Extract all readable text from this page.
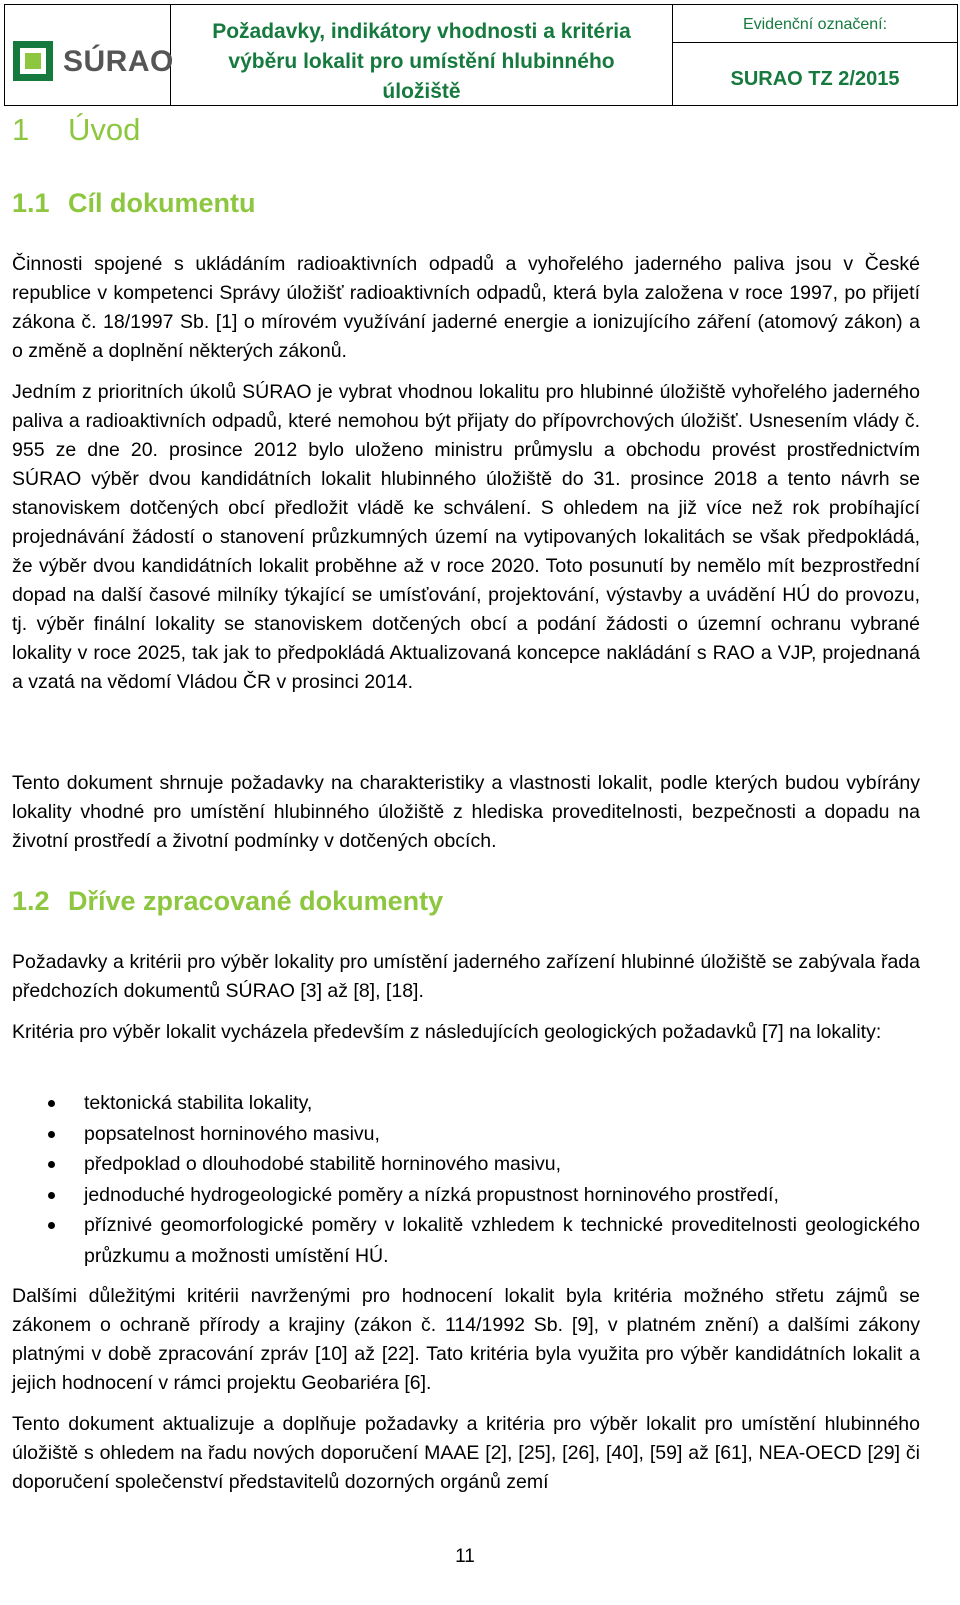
SÚRAO
Požadavky, indikátory vhodnosti a kritéria výběru lokalit pro umístění hlubinného úložiště
Evidenční označení:
SURAO TZ 2/2015
1 Úvod
1.1 Cíl dokumentu

Činnosti spojené s ukládáním radioaktivních odpadů a vyhořelého jaderného paliva jsou v České republice v kompetenci Správy úložišť radioaktivních odpadů, která byla založena v roce 1997, po přijetí zákona č. 18/1997 Sb. [1] o mírovém využívání jaderné energie a ionizujícího záření (atomový zákon) a o změně a doplnění některých zákonů.

Jedním z prioritních úkolů SÚRAO je vybrat vhodnou lokalitu pro hlubinné úložiště vyhořelého jaderného paliva a radioaktivních odpadů, které nemohou být přijaty do přípovrchových úložišť. Usnesením vlády č. 955 ze dne 20. prosince 2012 bylo uloženo ministru průmyslu a obchodu provést prostřednictvím SÚRAO výběr dvou kandidátních lokalit hlubinného úložiště do 31. prosince 2018 a tento návrh se stanoviskem dotčených obcí předložit vládě ke schválení. S ohledem na již více než rok probíhající projednávání žádostí o stanovení průzkumných území na vytipovaných lokalitách se však předpokládá, že výběr dvou kandidátních lokalit proběhne až v roce 2020. Toto posunutí by nemělo mít bezprostřední dopad na další časové milníky týkající se umísťování, projektování, výstavby a uvádění HÚ do provozu, tj. výběr finální lokality se stanoviskem dotčených obcí a podání žádosti o územní ochranu vybrané lokality v roce 2025, tak jak to předpokládá Aktualizovaná koncepce nakládání s RAO a VJP, projednaná a vzatá na vědomí Vládou ČR v prosinci 2014.

Tento dokument shrnuje požadavky na charakteristiky a vlastnosti lokalit, podle kterých budou vybírány lokality vhodné pro umístění hlubinného úložiště z hlediska proveditelnosti, bezpečnosti a dopadu na životní prostředí a životní podmínky v dotčených obcích.

1.2 Dříve zpracované dokumenty

Požadavky a kritérii pro výběr lokality pro umístění jaderného zařízení hlubinné úložiště se zabývala řada předchozích dokumentů SÚRAO [3] až [8], [18].

Kritéria pro výběr lokalit vycházela především z následujících geologických požadavků [7] na lokality:

tektonická stabilita lokality,
popsatelnost horninového masivu,
předpoklad o dlouhodobé stabilitě horninového masivu,
jednoduché hydrogeologické poměry a nízká propustnost horninového prostředí,
příznivé geomorfologické poměry v lokalitě vzhledem k technické proveditelnosti geologického průzkumu a možnosti umístění HÚ.

Dalšími důležitými kritérii navrženými pro hodnocení lokalit byla kritéria možného střetu zájmů se zákonem o ochraně přírody a krajiny (zákon č. 114/1992 Sb. [9], v platném znění) a dalšími zákony platnými v době zpracování zpráv [10] až [22]. Tato kritéria byla využita pro výběr kandidátních lokalit a jejich hodnocení v rámci projektu Geobariéra [6].

Tento dokument aktualizuje a doplňuje požadavky a kritéria pro výběr lokalit pro umístění hlubinného úložiště s ohledem na řadu nových doporučení MAAE [2], [25], [26], [40], [59] až [61], NEA-OECD [29] či doporučení společenství představitelů dozorných orgánů zemí

11
